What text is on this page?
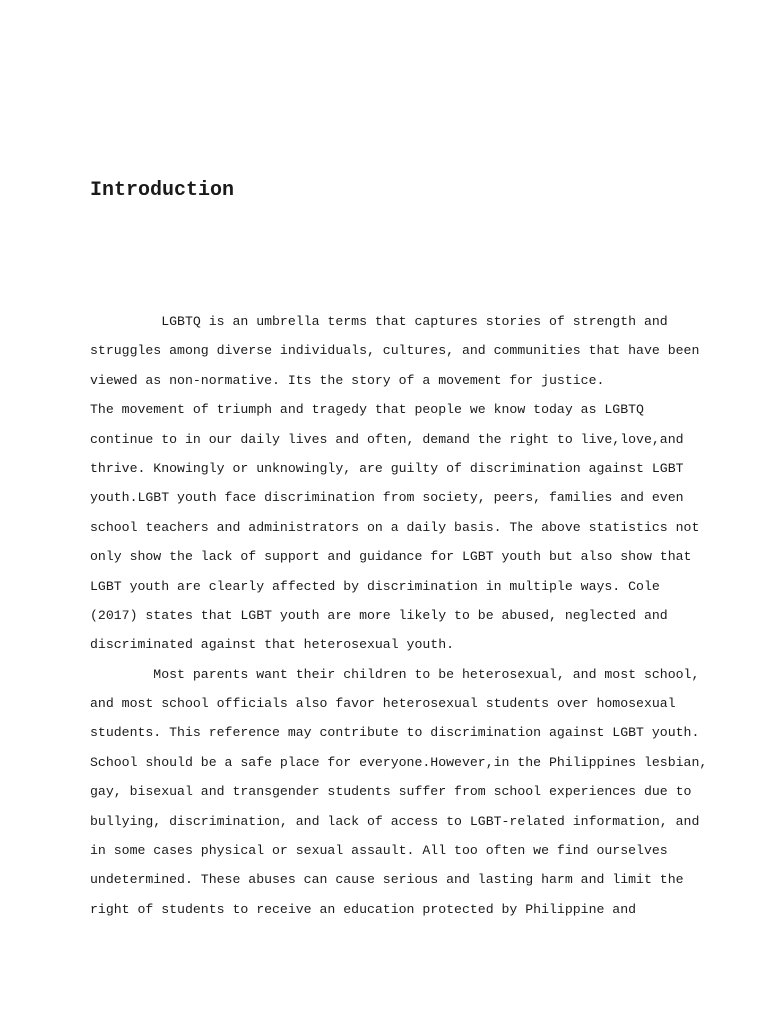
Introduction
LGBTQ is an umbrella terms that captures stories of strength and
struggles among diverse individuals, cultures, and communities that have been
viewed as non-normative. Its the story of a movement for justice.
The movement of triumph and tragedy that people we know today as LGBTQ
continue to in our daily lives and often, demand the right to live,love,and
thrive. Knowingly or unknowingly, are guilty of discrimination against LGBT
youth.LGBT youth face discrimination from society, peers, families and even
school teachers and administrators on a daily basis. The above statistics not
only show the lack of support and guidance for LGBT youth but also show that
LGBT youth are clearly affected by discrimination in multiple ways. Cole
(2017) states that LGBT youth are more likely to be abused, neglected and
discriminated against that heterosexual youth.
Most parents want their children to be heterosexual, and most school,
and most school officials also favor heterosexual students over homosexual
students. This reference may contribute to discrimination against LGBT youth.
School should be a safe place for everyone.However,in the Philippines lesbian,
gay, bisexual and transgender students suffer from school experiences due to
bullying, discrimination, and lack of access to LGBT-related information, and
in some cases physical or sexual assault. All too often we find ourselves
undetermined. These abuses can cause serious and lasting harm and limit the
right of students to receive an education protected by Philippine and
